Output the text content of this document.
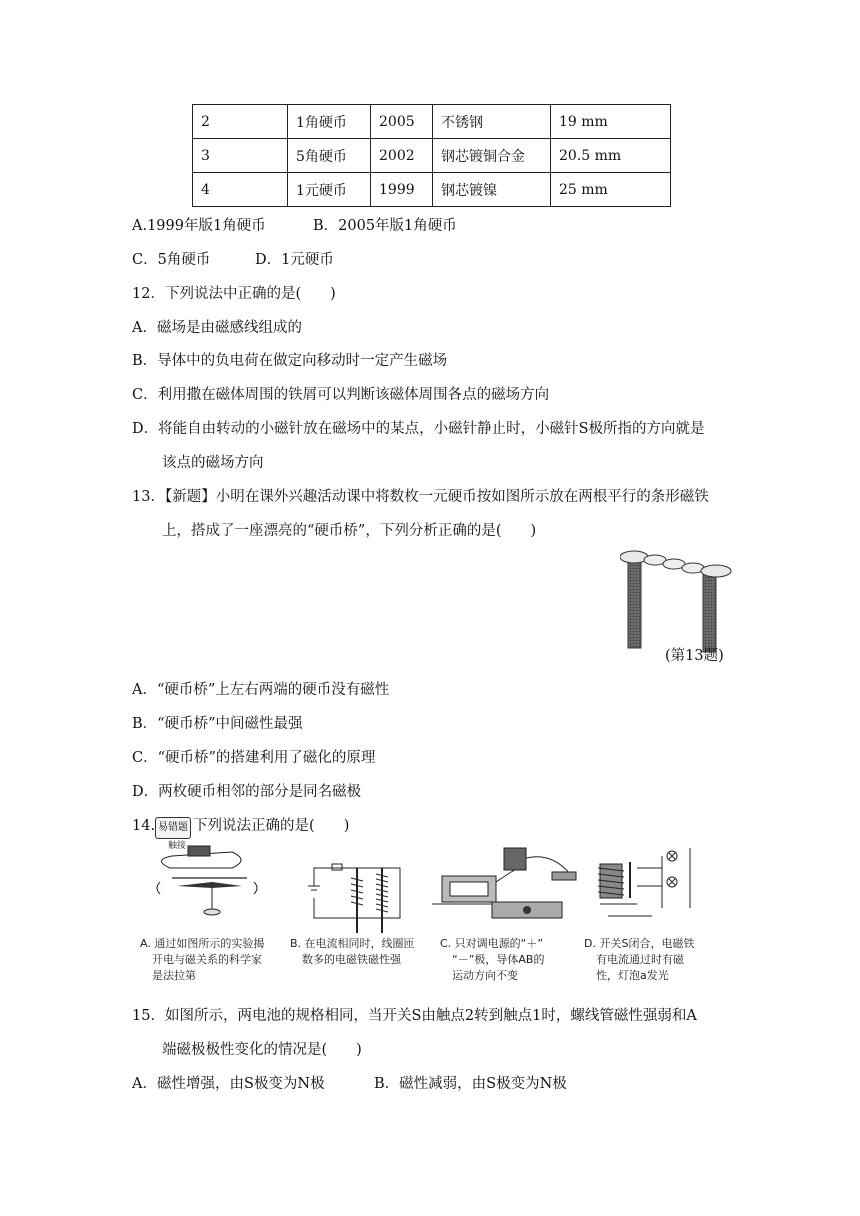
2	1角硬币	2005	不锈钢	19 mm
3	5角硬币	2002	钢芯镀铜合金	20.5 mm
4	1元硬币	1999	钢芯镀镍	25 mm
A.1999年版1角硬币	B．2005年版1角硬币
C．5角硬币	D．1元硬币
12．下列说法中正确的是(　　)
A．磁场是由磁感线组成的
B．导体中的负电荷在做定向移动时一定产生磁场
C．利用撒在磁体周围的铁屑可以判断该磁体周围各点的磁场方向
D．将能自由转动的小磁针放在磁场中的某点，小磁针静止时，小磁针S极所指的方向就是
该点的磁场方向
13．【新题】小明在课外兴趣活动课中将数枚一元硬币按如图所示放在两根平行的条形磁铁
上，搭成了一座漂亮的“硬币桥”，下列分析正确的是(　　)
(第13题)
A．“硬币桥”上左右两端的硬币没有磁性
B．“硬币桥”中间磁性最强
C．“硬币桥”的搭建利用了磁化的原理
D．两枚硬币相邻的部分是同名磁极
14. 易错题 下列说法正确的是(　　)
触接
A. 通过如图所示的实验揭
开电与磁关系的科学家
是法拉第
B. 在电流相同时，线圈匝
数多的电磁铁磁性强
C. 只对调电源的“＋”
“－”极，导体AB的
运动方向不变
D. 开关S闭合，电磁铁
有电流通过时有磁
性，灯泡a发光
15．如图所示，两电池的规格相同，当开关S由触点2转到触点1时，螺线管磁性强弱和A
端磁极极性变化的情况是(　　)
A．磁性增强，由S极变为N极	B．磁性减弱，由S极变为N极
